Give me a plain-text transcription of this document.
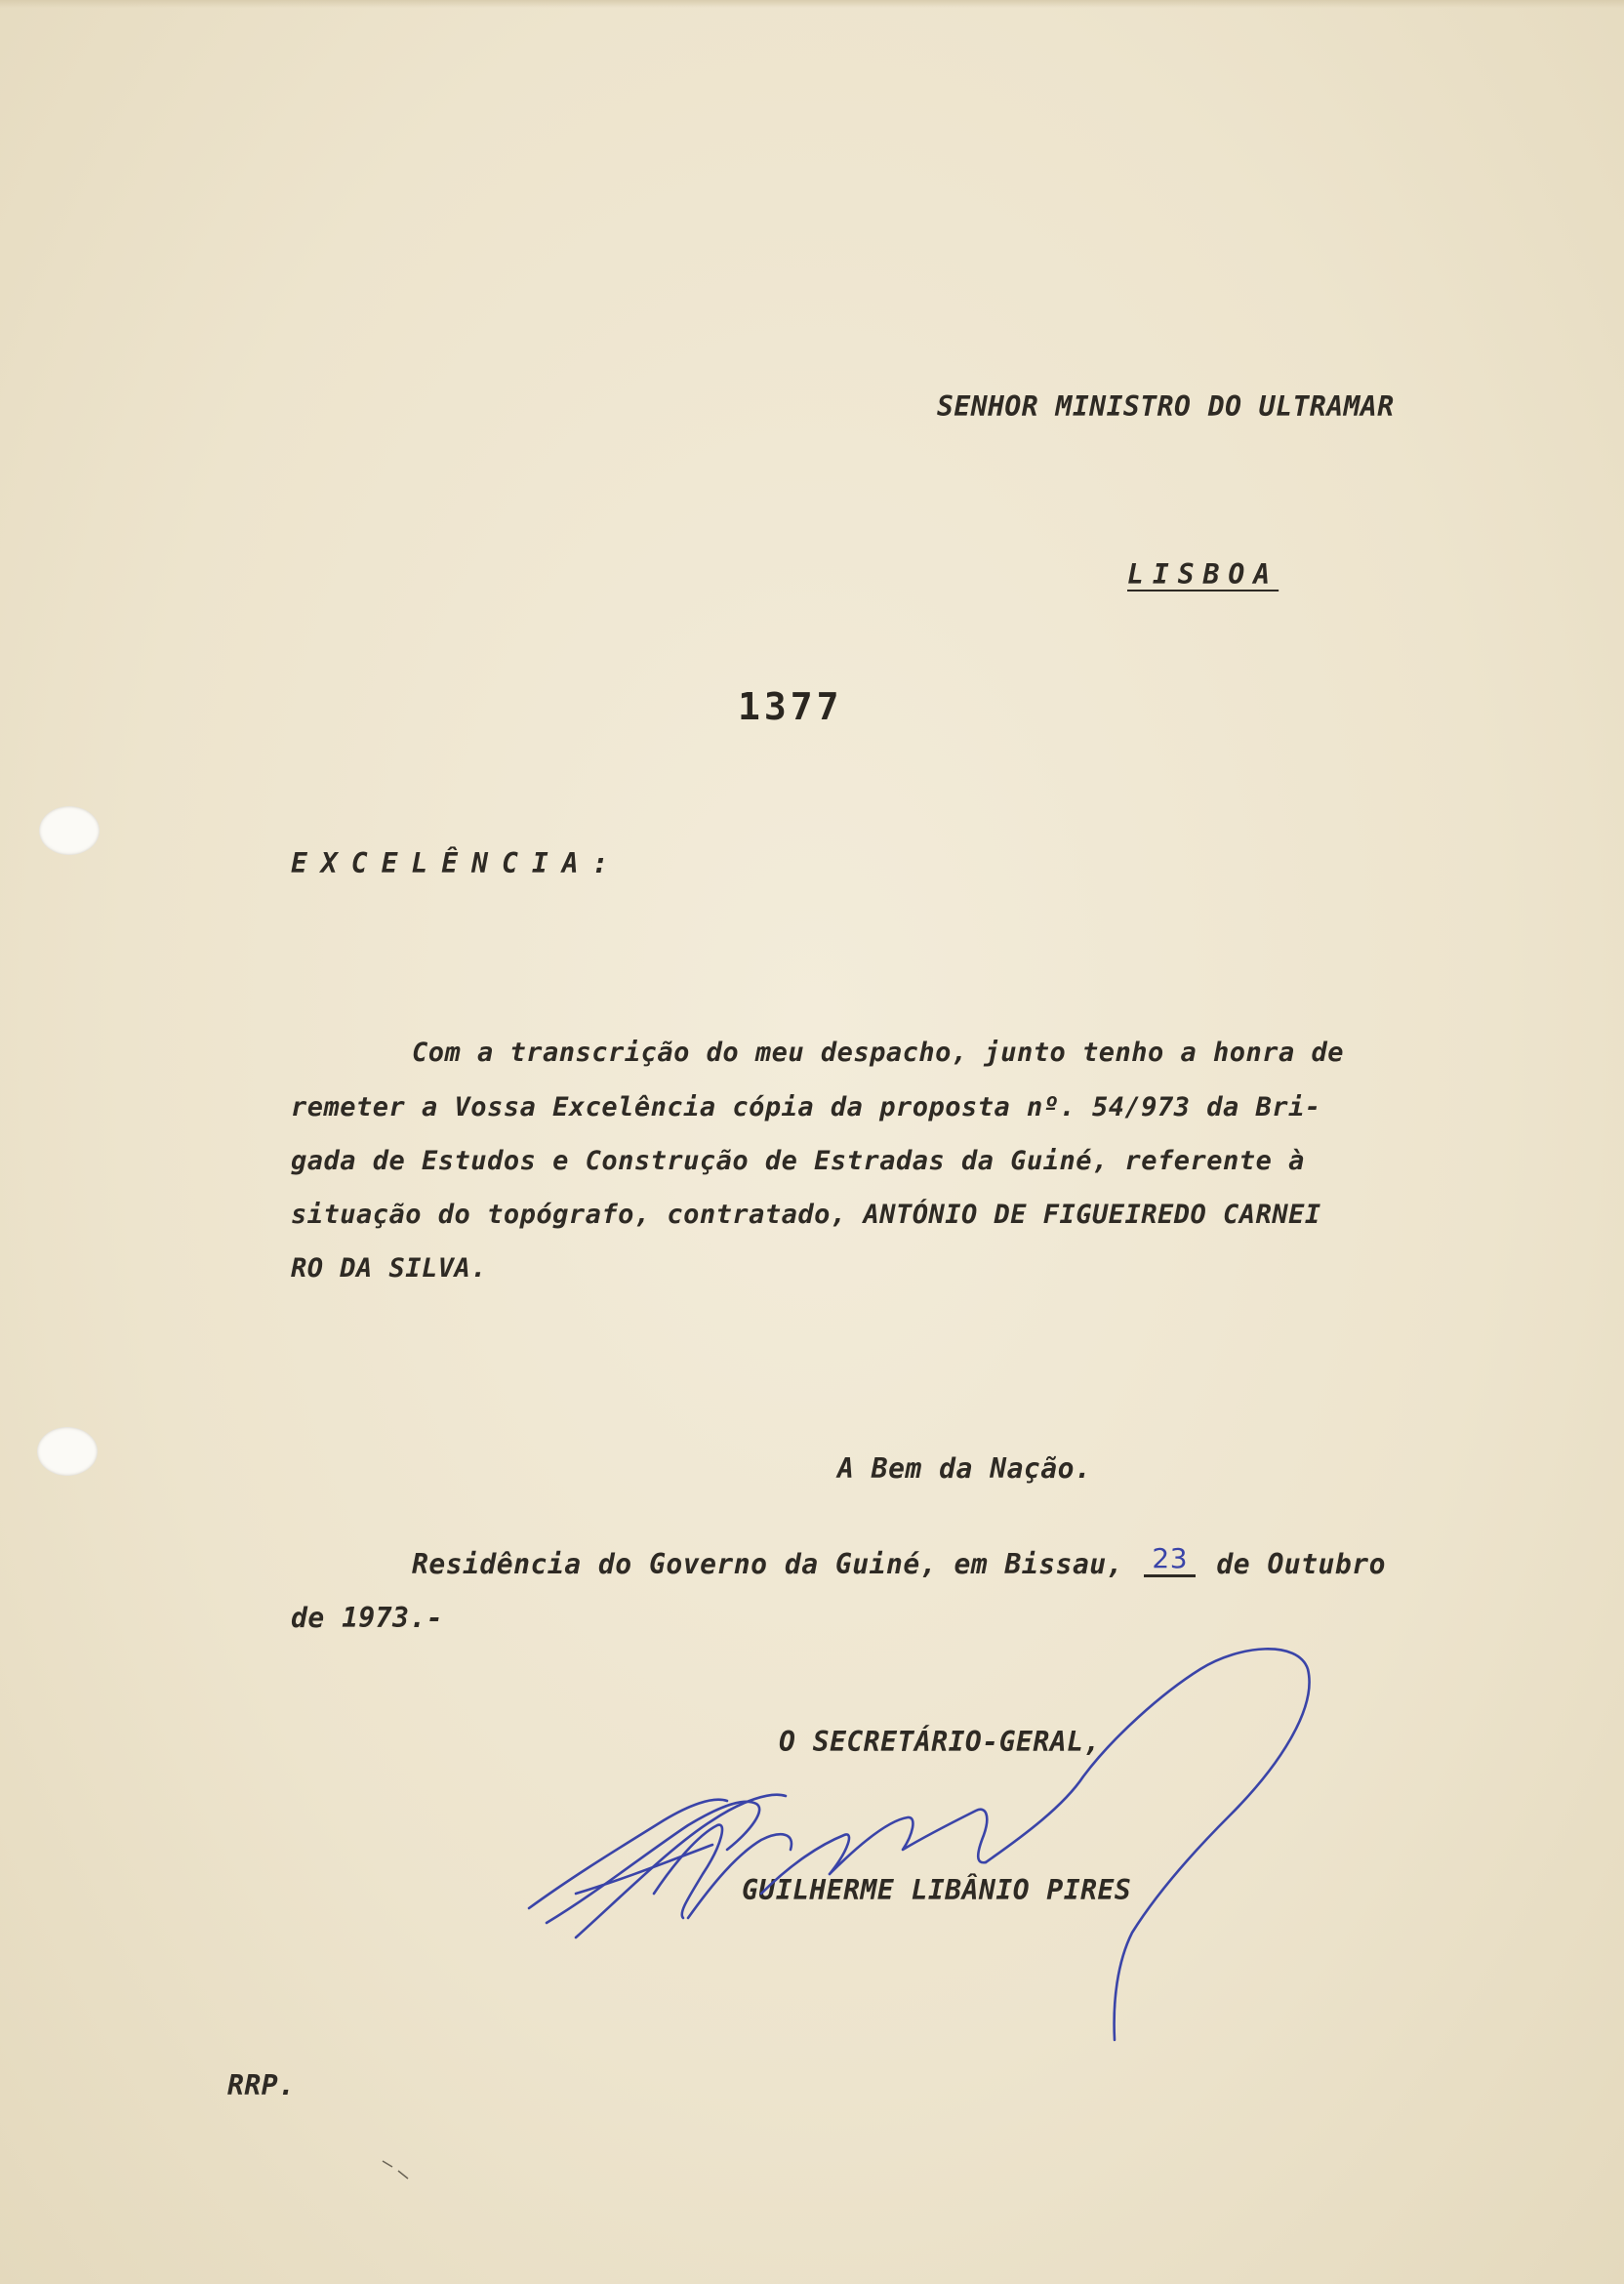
SENHOR MINISTRO DO ULTRAMAR
LISBOA
1377
EXCELÊNCIA:
Com a transcrição do meu despacho, junto tenho a honra de
remeter a Vossa Excelência cópia da proposta nº. 54/973 da Bri-
gada de Estudos e Construção de Estradas da Guiné, referente à
situação do topógrafo, contratado, ANTÓNIO DE FIGUEIREDO CARNEI
RO DA SILVA.
A Bem da Nação.
Residência do Governo da Guiné, em Bissau, 23 de Outubro
de 1973.-
O SECRETÁRIO-GERAL,
GUILHERME LIBÂNIO PIRES
RRP.
